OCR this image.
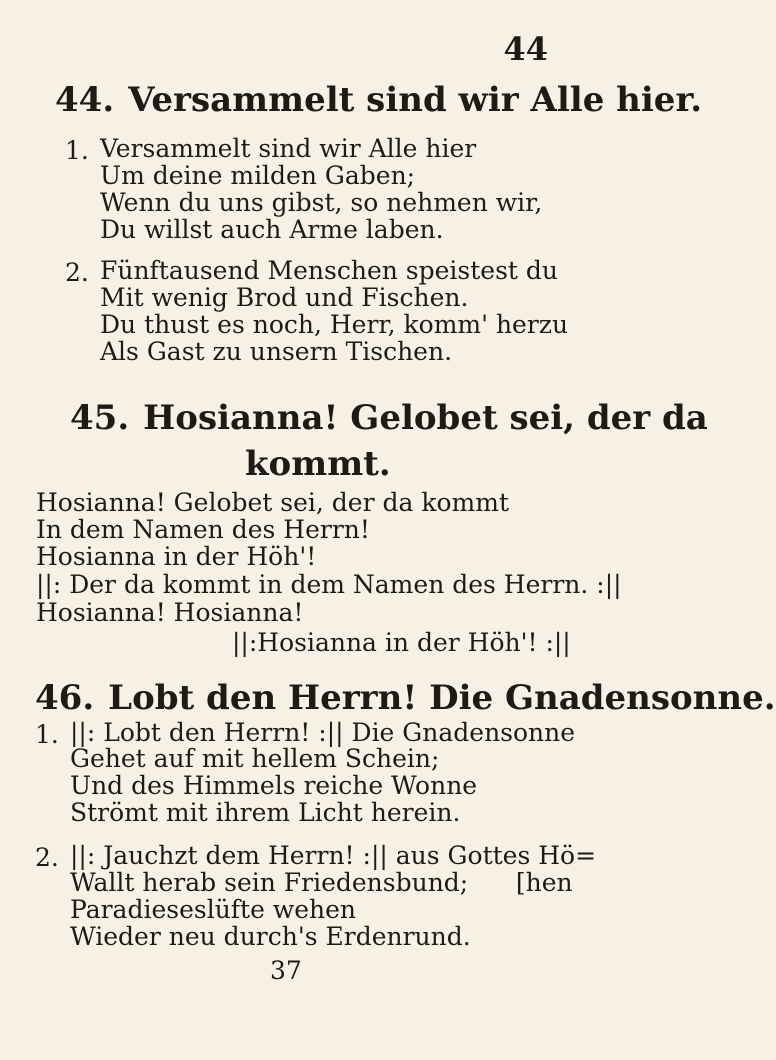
44
44. Versammelt sind wir Alle hier.
1. Versammelt sind wir Alle hier
Um deine milden Gaben;
Wenn du uns gibst, so nehmen wir,
Du willst auch Arme laben.
2. Fünftausend Menschen speistest du
Mit wenig Brod und Fischen.
Du thust es noch, Herr, komm' herzu
Als Gast zu unsern Tischen.
45. Hosianna! Gelobet sei, der da
kommt.
Hosianna! Gelobet sei, der da kommt
In dem Namen des Herrn!
Hosianna in der Höh'!
||: Der da kommt in dem Namen des Herrn. :||
Hosianna! Hosianna!
||:Hosianna in der Höh'! :||
46. Lobt den Herrn! Die Gnadensonne.
1. ||: Lobt den Herrn! :|| Die Gnadensonne
Gehet auf mit hellem Schein;
Und des Himmels reiche Wonne
Strömt mit ihrem Licht herein.
2. ||: Jauchzt dem Herrn! :|| aus Gottes Hö=
Wallt herab sein Friedensbund;      [hen
Paradieseslüfte wehen
Wieder neu durch's Erdenrund.
37
